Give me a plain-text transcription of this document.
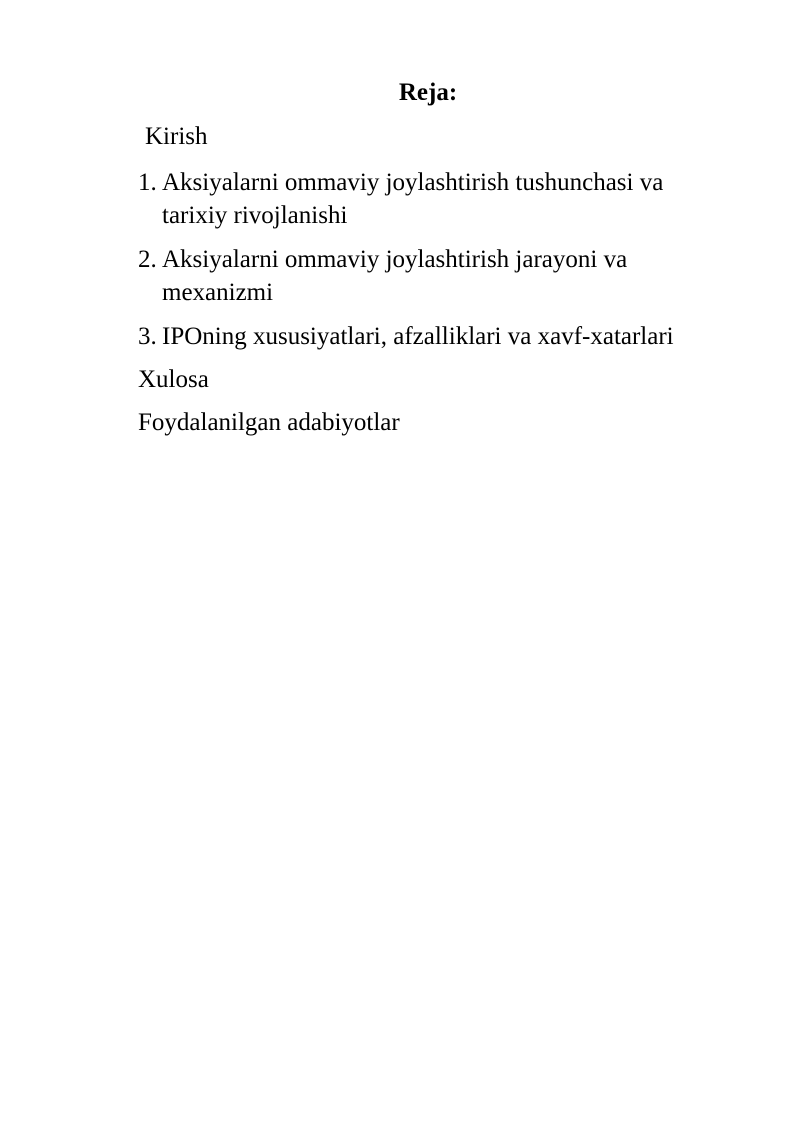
Reja:
Kirish
1. Aksiyalarni ommaviy joylashtirish tushunchasi va tarixiy rivojlanishi
2. Aksiyalarni ommaviy joylashtirish jarayoni va mexanizmi
3. IPOning xususiyatlari, afzalliklari va xavf-xatarlari
Xulosa
Foydalanilgan adabiyotlar
